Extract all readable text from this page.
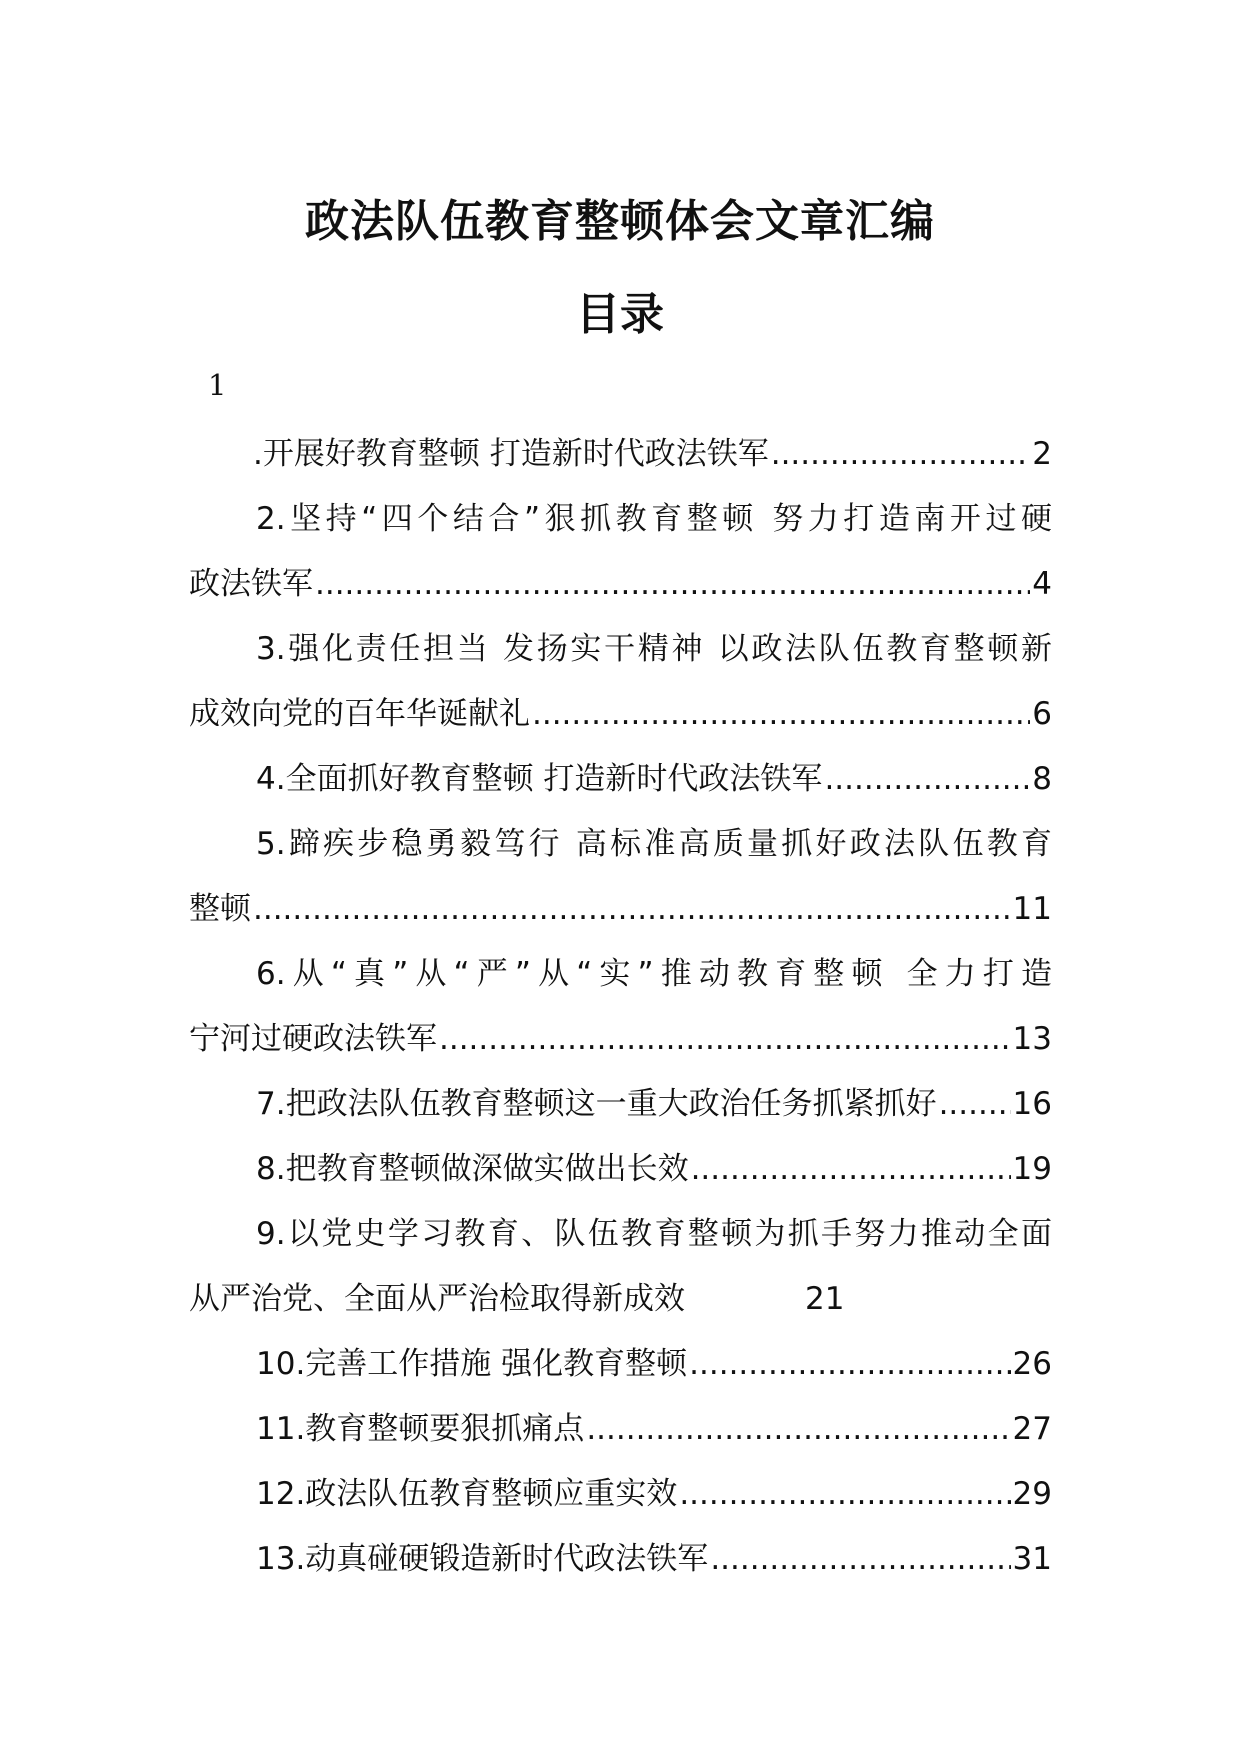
政法队伍教育整顿体会文章汇编
目录
1
.开展好教育整顿 打造新时代政法铁军 .....	2
2.坚持“四个结合”狠抓教育整顿 努力打造南开过硬
政法铁军 .....	4
3.强化责任担当 发扬实干精神 以政法队伍教育整顿新
成效向党的百年华诞献礼 .....	6
4.全面抓好教育整顿 打造新时代政法铁军 .....	8
5.蹄疾步稳勇毅笃行 高标准高质量抓好政法队伍教育
整顿 .....	11
6.从“真”从“严”从“实”推动教育整顿 全力打造
宁河过硬政法铁军 .....	13
7.把政法队伍教育整顿这一重大政治任务抓紧抓好 ..... 16
8.把教育整顿做深做实做出长效 .....	19
9.以党史学习教育、队伍教育整顿为抓手努力推动全面
从严治党、全面从严治检取得新成效	21
10.完善工作措施 强化教育整顿 .....	26
11.教育整顿要狠抓痛点 .....	27
12.政法队伍教育整顿应重实效 .....	29
13.动真碰硬锻造新时代政法铁军 .....	31
